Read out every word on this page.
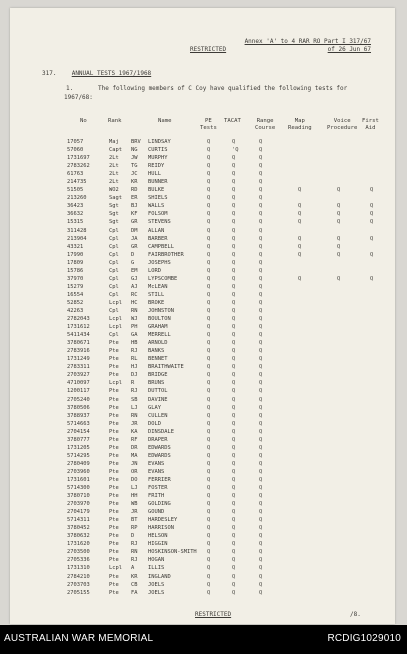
Annex 'A' to 4 RAR RO Part I 317/67
of 26 Jun 67
RESTRICTED
317.	ANNUAL TESTS 1967/1968
1.	The following members of C Coy have qualified the following tests for
1967/68:
No	Rank	Name	PE
Tests
TACAT	Range
Course
Map
Reading
Voice
Procedure
First
Aid
17057	Maj BRV LINDSAY	Q	Q	Q
57060	Capt NG CURTIS	Q	'Q	Q
1731697	2Lt JW MURPHY	Q	Q	Q
2783262	2Lt TG REIDY	Q	Q	Q
61763	2Lt JC HULL	Q	Q	Q
214735	2Lt KR BUNNER	Q	Q	Q
51505	WO2 RD BULKE	Q	Q	Q	Q	Q	Q
213260	Sagt ER SHIELS	Q	Q	Q
36423	Sgt BJ WALLS	Q	Q	Q	Q	Q	Q
36632	Sgt KF FOLSOM	Q	Q	Q	Q	Q	Q
15315	Sgt GR STEVENS	Q	Q	Q	Q	Q	Q
311428	Cpl DM ALLAN	Q	Q	Q
213904	Cpl JA BARBER	Q	Q	Q	Q	Q	Q
43321	Cpl GR CAMPBELL	Q	Q	Q	Q	Q
17990	Cpl D	FAIRBROTHER	Q	Q	Q	Q	Q	Q
17809	Cpl G	JOSEPHS	Q	Q	Q
15786	Cpl EM LORD	Q	Q	Q
37970	Cpl GJ LYPSCOMBE	Q	Q	Q	Q	Q	Q
15279	Cpl AJ McLEAN	Q	Q	Q
16554	Cpl RC STILL	Q	Q	Q
52852	Lcpl HC BROKE	Q	Q	Q
42263	Cpl RN JOHNSTON	Q	Q	Q
2782043	Lcpl WJ BOULTON	Q	Q	Q
1731612	Lcpl PH GRAHAM	Q	Q	Q
5411434	Cpl GA MERRELL	Q	Q	Q
3780671	Pte HB ARNOLD	Q	Q	Q
2783916	Pte RJ BANKS	Q	Q	Q
1731249	Pte RL BENNET	Q	Q	Q
2783311	Pte HJ BRAITHWAITE	Q	Q	Q
2703927	Pte DJ BRIDGE	Q	Q	Q
4710097	Lcpl R	BRUNS	Q	Q	Q
1200117	Pte RJ DUTTOL	Q	Q	Q
2705240	Pte SB DAVINE	Q	Q	Q
3780506	Pte LJ GLAY	Q	Q	Q
3788937	Pte RN CULLEN	Q	Q	Q
5714663	Pte JR DOLD	Q	Q	Q
2704154	Pte KA DINSDALE	Q	Q	Q
3780777	Pte RF DRAPER	Q	Q	Q
1731205	Pte DR EDWARDS	Q	Q	Q
5714295	Pte MA EDWARDS	Q	Q	Q
2780409	Pte JN EVANS	Q	Q	Q
2703960	Pte OR EVANS	Q	Q	Q
1731601	Pte DO FERRIER	Q	Q	Q
5714300	Pte LJ FOSTER	Q	Q	Q
3780710	Pte HH FRITH	Q	Q	Q
2703970	Pte WB GOLDING	Q	Q	Q
2704179	Pte JR GOUND	Q	Q	Q
5714311	Pte BT HARDESLEY	Q	Q	Q
3780452	Pte RP HARRISON	Q	Q	Q
3780632	Pte D	HELSON	Q	Q	Q
1731620	Pte RJ HIGGIN	Q	Q	Q
2703500	Pte RN HOSKINSON-SMITH Q	Q	Q
2705336	Pte RJ HOGAN	Q	Q	Q
1731310	Lcpl A	ILLIS	Q	Q	Q
2784210	Pte KR INGLAND	Q	Q	Q
2703703	Pte CB JOELS	Q	Q	Q
2705155	Pte FA JOELS	Q	Q	Q
RESTRICTED	/8.
AUSTRALIAN WAR MEMORIAL	RCDIG1029010
